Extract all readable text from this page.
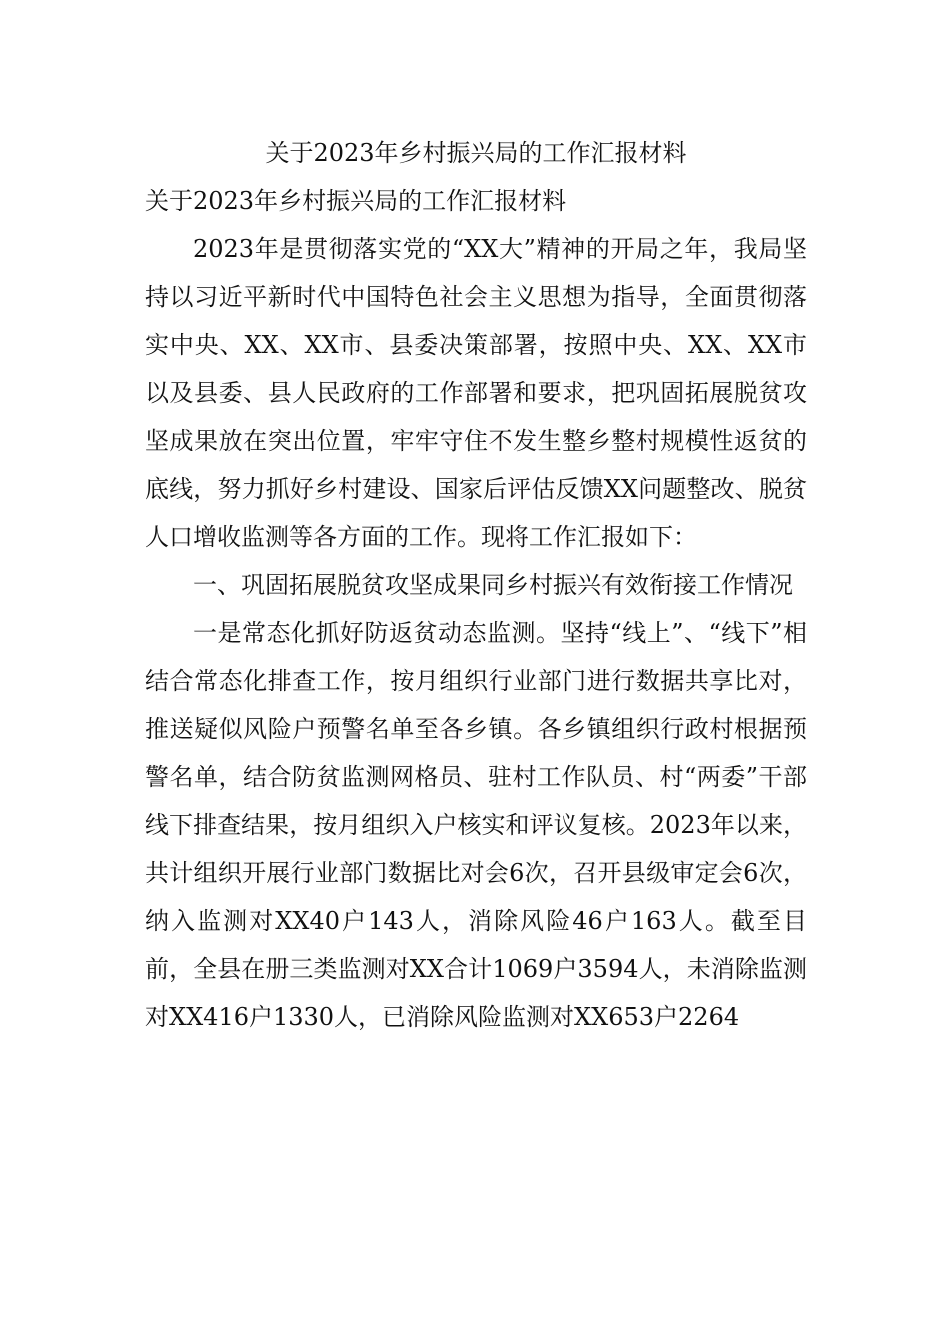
关于2023年乡村振兴局的工作汇报材料

关于2023年乡村振兴局的工作汇报材料

2023年是贯彻落实党的“XX大”精神的开局之年，我局坚持以习近平新时代中国特色社会主义思想为指导，全面贯彻落实中央、XX、XX市、县委决策部署，按照中央、XX、XX市以及县委、县人民政府的工作部署和要求，把巩固拓展脱贫攻坚成果放在突出位置，牢牢守住不发生整乡整村规模性返贫的底线，努力抓好乡村建设、国家后评估反馈XX问题整改、脱贫人口增收监测等各方面的工作。现将工作汇报如下：

一、巩固拓展脱贫攻坚成果同乡村振兴有效衔接工作情况

一是常态化抓好防返贫动态监测。坚持“线上”、“线下”相结合常态化排查工作，按月组织行业部门进行数据共享比对，推送疑似风险户预警名单至各乡镇。各乡镇组织行政村根据预警名单，结合防贫监测网格员、驻村工作队员、村“两委”干部线下排查结果，按月组织入户核实和评议复核。2023年以来，共计组织开展行业部门数据比对会6次，召开县级审定会6次，纳入监测对XX40户143人，消除风险46户163人。截至目前，全县在册三类监测对XX合计1069户3594人，未消除监测对XX416户1330人，已消除风险监测对XX653户2264
